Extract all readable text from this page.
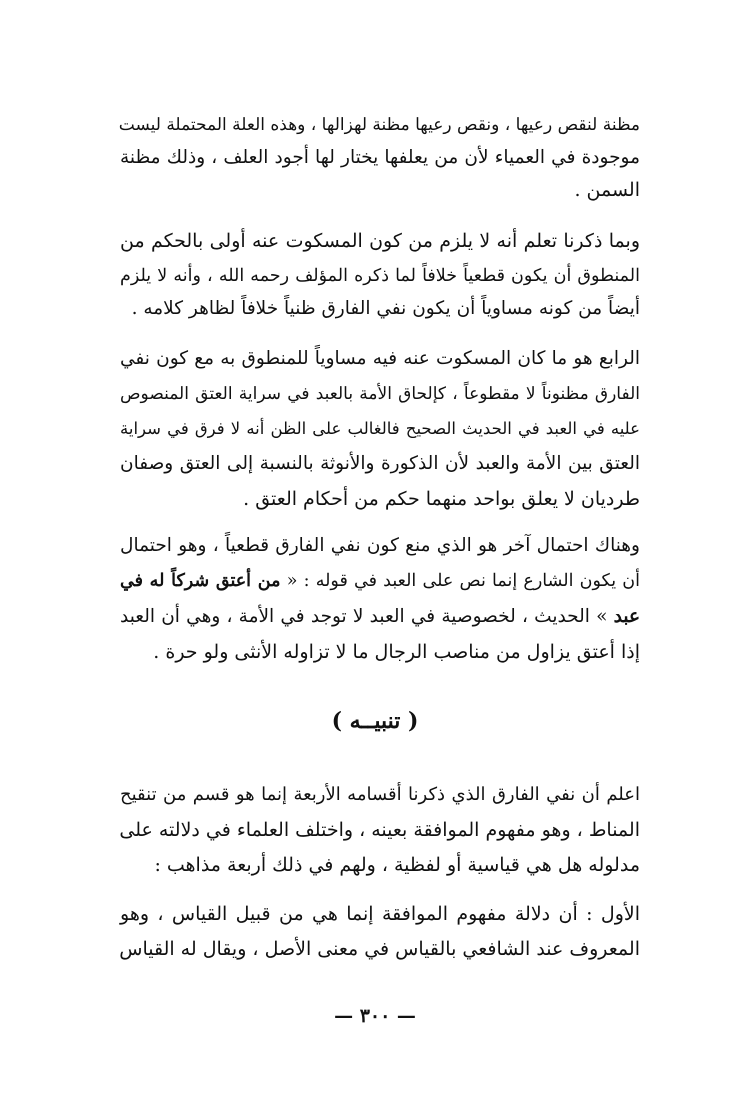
مظنة لنقص رعيها ، ونقص رعيها مظنة لهزالها ، وهذه العلة المحتملة ليست

موجودة في العمياء لأن من يعلفها يختار لها أجود العلف ، وذلك مظنة

السمن .

وبما ذكرنا تعلم أنه لا يلزم من كون المسكوت عنه أولى بالحكم من

المنطوق أن يكون قطعياً خلافاً لما ذكره المؤلف رحمه الله ، وأنه لا يلزم

أيضاً من كونه مساوياً أن يكون نفي الفارق ظنياً خلافاً لظاهر كلامه .

الرابع هو ما كان المسكوت عنه فيه مساوياً للمنطوق به مع كون نفي

الفارق مظنوناً لا مقطوعاً ، كإلحاق الأمة بالعبد في سراية العتق المنصوص

عليه في العبد في الحديث الصحيح فالغالب على الظن أنه لا فرق في سراية

العتق بين الأمة والعبد لأن الذكورة والأنوثة بالنسبة إلى العتق وصفان

طرديان لا يعلق بواحد منهما حكم من أحكام العتق .

وهناك احتمال آخر هو الذي منع كون نفي الفارق قطعياً ، وهو احتمال

أن يكون الشارع إنما نص على العبد في قوله : « من أعتق شركاً له في

عبد » الحديث ، لخصوصية في العبد لا توجد في الأمة ، وهي أن العبد

إذا أعتق يزاول من مناصب الرجال ما لا تزاوله الأنثى ولو حرة .

( تنبيــه )

اعلم أن نفي الفارق الذي ذكرنا أقسامه الأربعة إنما هو قسم من تنقيح

المناط ، وهو مفهوم الموافقة بعينه ، واختلف العلماء في دلالته على

مدلوله هل هي قياسية أو لفظية ، ولهم في ذلك أربعة مذاهب :

الأول : أن دلالة مفهوم الموافقة إنما هي من قبيل القياس ، وهو

المعروف عند الشافعي بالقياس في معنى الأصل ، ويقال له القياس

— ٣٠٠ —
